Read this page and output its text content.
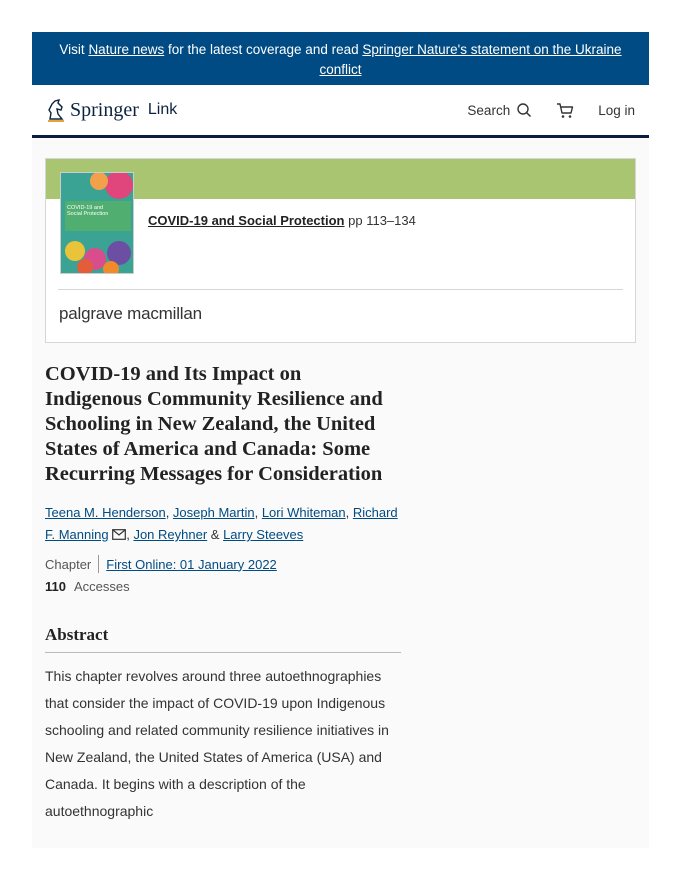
Visit Nature news for the latest coverage and read Springer Nature's statement on the Ukraine conflict
Springer Link	Search	Log in
COVID-19 and
Social Protection	COVID-19 and Social Protection pp 113–134
palgrave macmillan
COVID-19 and Its Impact on Indigenous Community Resilience and Schooling in New Zealand, the United States of America and Canada: Some Recurring Messages for Consideration
Teena M. Henderson, Joseph Martin, Lori Whiteman, Richard F. Manning , Jon Reyhner & Larry Steeves
Chapter First Online: 01 January 2022
110 Accesses
Abstract

This chapter revolves around three autoethnographies that consider the impact of COVID-19 upon Indigenous schooling and related community resilience initiatives in New Zealand, the United States of America (USA) and Canada. It begins with a description of the autoethnographic
